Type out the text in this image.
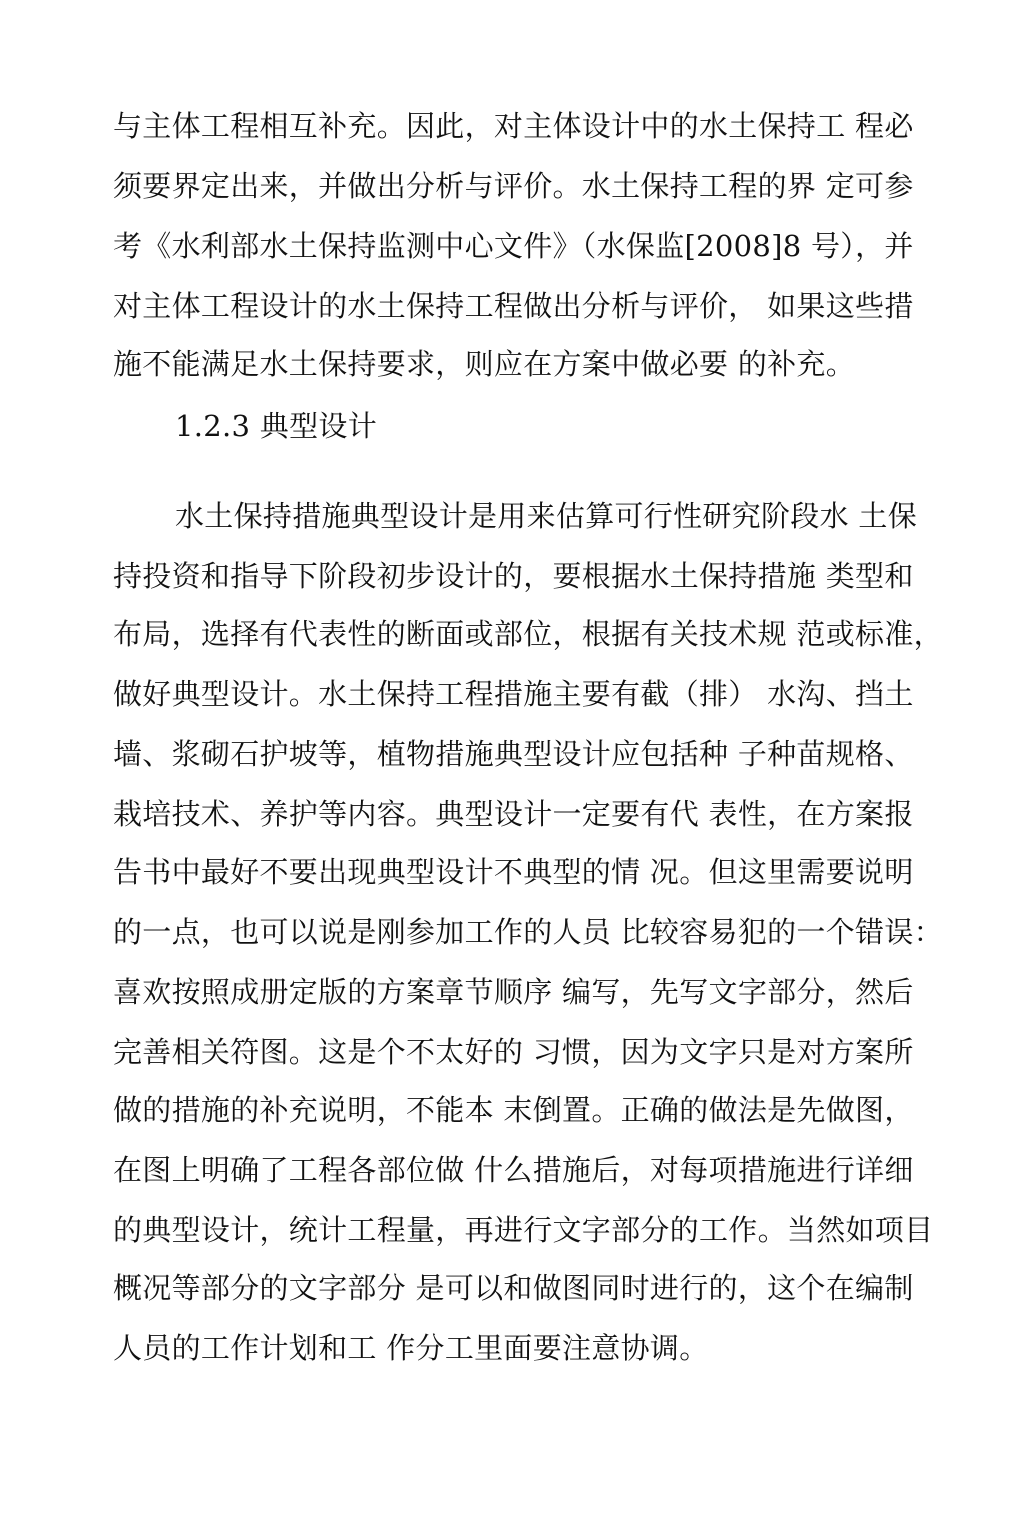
与主体工程相互补充。因此，对主体设计中的水土保持工 程必
须要界定出来，并做出分析与评价。水土保持工程的界 定可参
考《水利部水土保持监测中心文件》（水保监[2008]8 号），并
对主体工程设计的水土保持工程做出分析与评价， 如果这些措
施不能满足水土保持要求，则应在方案中做必要 的补充。
1.2.3 典型设计
水土保持措施典型设计是用来估算可行性研究阶段水 土保
持投资和指导下阶段初步设计的，要根据水土保持措施 类型和
布局，选择有代表性的断面或部位，根据有关技术规 范或标准，
做好典型设计。水土保持工程措施主要有截（排） 水沟、挡土
墙、浆砌石护坡等，植物措施典型设计应包括种 子种苗规格、
栽培技术、养护等内容。典型设计一定要有代 表性，在方案报
告书中最好不要出现典型设计不典型的情 况。但这里需要说明
的一点，也可以说是刚参加工作的人员 比较容易犯的一个错误：
喜欢按照成册定版的方案章节顺序 编写，先写文字部分，然后
完善相关符图。这是个不太好的 习惯，因为文字只是对方案所
做的措施的补充说明，不能本 末倒置。正确的做法是先做图，
在图上明确了工程各部位做 什么措施后，对每项措施进行详细
的典型设计，统计工程量，再进行文字部分的工作。当然如项目
概况等部分的文字部分 是可以和做图同时进行的，这个在编制
人员的工作计划和工 作分工里面要注意协调。
